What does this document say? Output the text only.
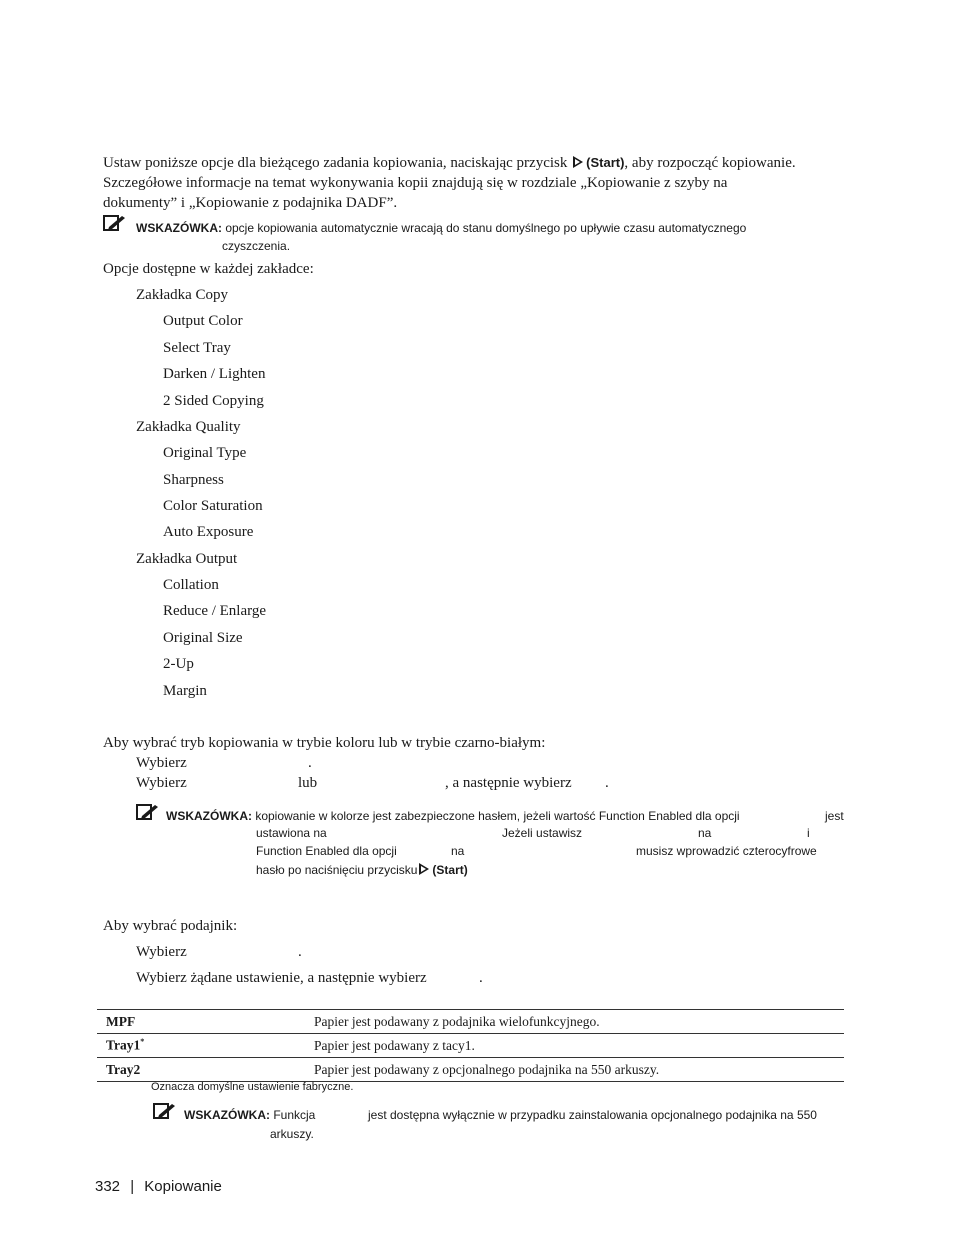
Ustaw poniższe opcje dla bieżącego zadania kopiowania, naciskając przycisk (Start), aby rozpocząć kopiowanie.
Szczegółowe informacje na temat wykonywania kopii znajdują się w rozdziale „Kopiowanie z szyby na
dokumenty” i „Kopiowanie z podajnika DADF”.
WSKAZÓWKA: opcje kopiowania automatycznie wracają do stanu domyślnego po upływie czasu automatycznego
czyszczenia.
Opcje dostępne w każdej zakładce:
Zakładka Copy
Output Color
Select Tray
Darken / Lighten
2 Sided Copying
Zakładka Quality
Original Type
Sharpness
Color Saturation
Auto Exposure
Zakładka Output
Collation
Reduce / Enlarge
Original Size
2-Up
Margin
Aby wybrać tryb kopiowania w trybie koloru lub w trybie czarno-białym:
Wybierz	.
Wybierz	lub	, a następnie wybierz .
WSKAZÓWKA: kopiowanie w kolorze jest zabezpieczone hasłem, jeżeli wartość Function Enabled dla opcji	jest
ustawiona na	Jeżeli ustawisz	na	i
Function Enabled dla opcji	na	musisz wprowadzić czterocyfrowe
hasło po naciśnięciu przycisku (Start)
Aby wybrać podajnik:
Wybierz	.
Wybierz żądane ustawienie, a następnie wybierz	.
MPF	Papier jest podawany z podajnika wielofunkcyjnego.
Tray1*	Papier jest podawany z tacy1.
Tray2	Papier jest podawany z opcjonalnego podajnika na 550 arkuszy.
Oznacza domyślne ustawienie fabryczne.
WSKAZÓWKA: Funkcja	jest dostępna wyłącznie w przypadku zainstalowania opcjonalnego podajnika na 550
arkuszy.
332 | Kopiowanie
